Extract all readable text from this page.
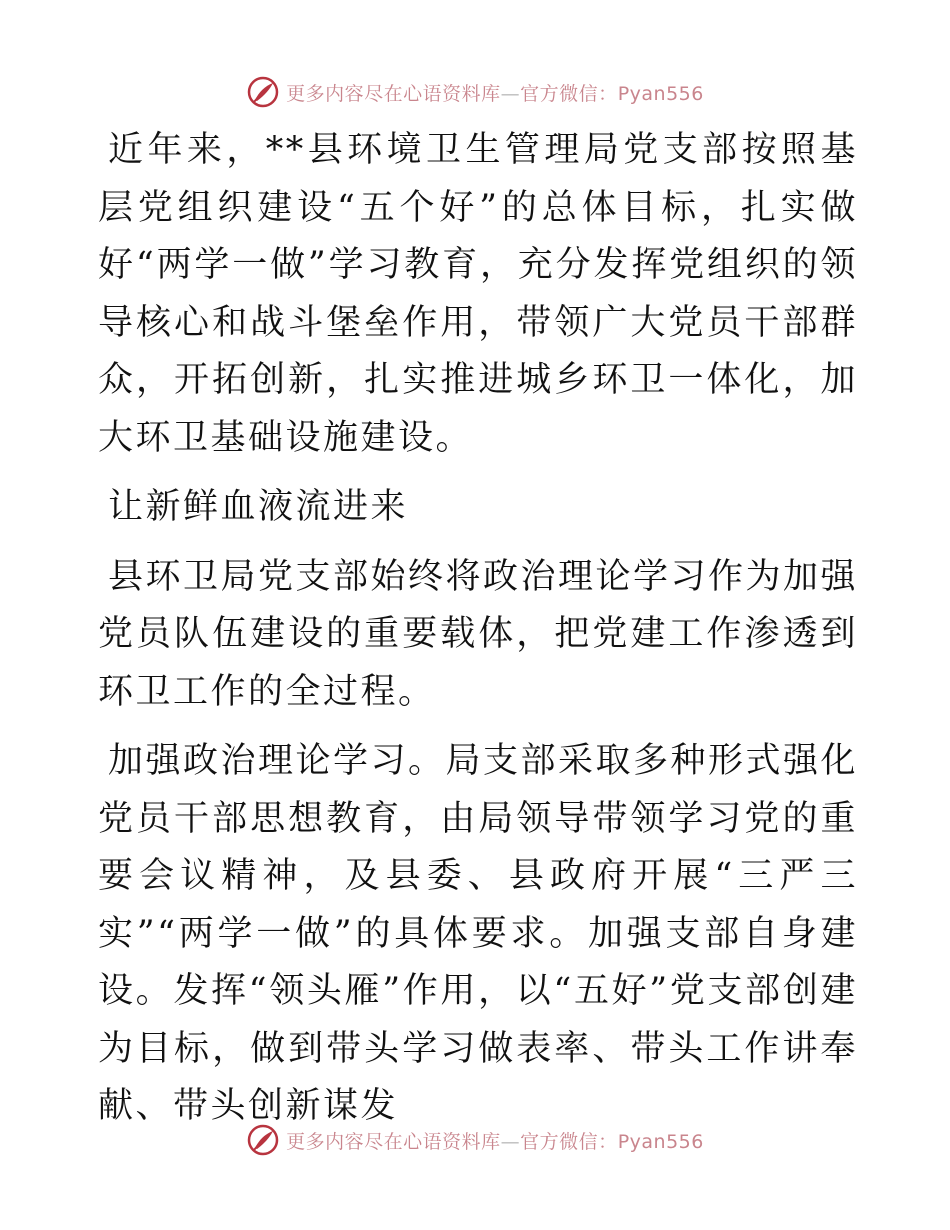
更多内容尽在心语资料库—官方微信：Pyan556

近年来，**县环境卫生管理局党支部按照基层党组织建设“五个好”的总体目标，扎实做好“两学一做”学习教育，充分发挥党组织的领导核心和战斗堡垒作用，带领广大党员干部群众，开拓创新，扎实推进城乡环卫一体化，加大环卫基础设施建设。

让新鲜血液流进来

县环卫局党支部始终将政治理论学习作为加强党员队伍建设的重要载体，把党建工作渗透到环卫工作的全过程。

加强政治理论学习。局支部采取多种形式强化党员干部思想教育，由局领导带领学习党的重要会议精神，及县委、县政府开展“三严三实”“两学一做”的具体要求。加强支部自身建设。发挥“领头雁”作用，以“五好”党支部创建为目标，做到带头学习做表率、带头工作讲奉献、带头创新谋发

更多内容尽在心语资料库—官方微信：Pyan556
